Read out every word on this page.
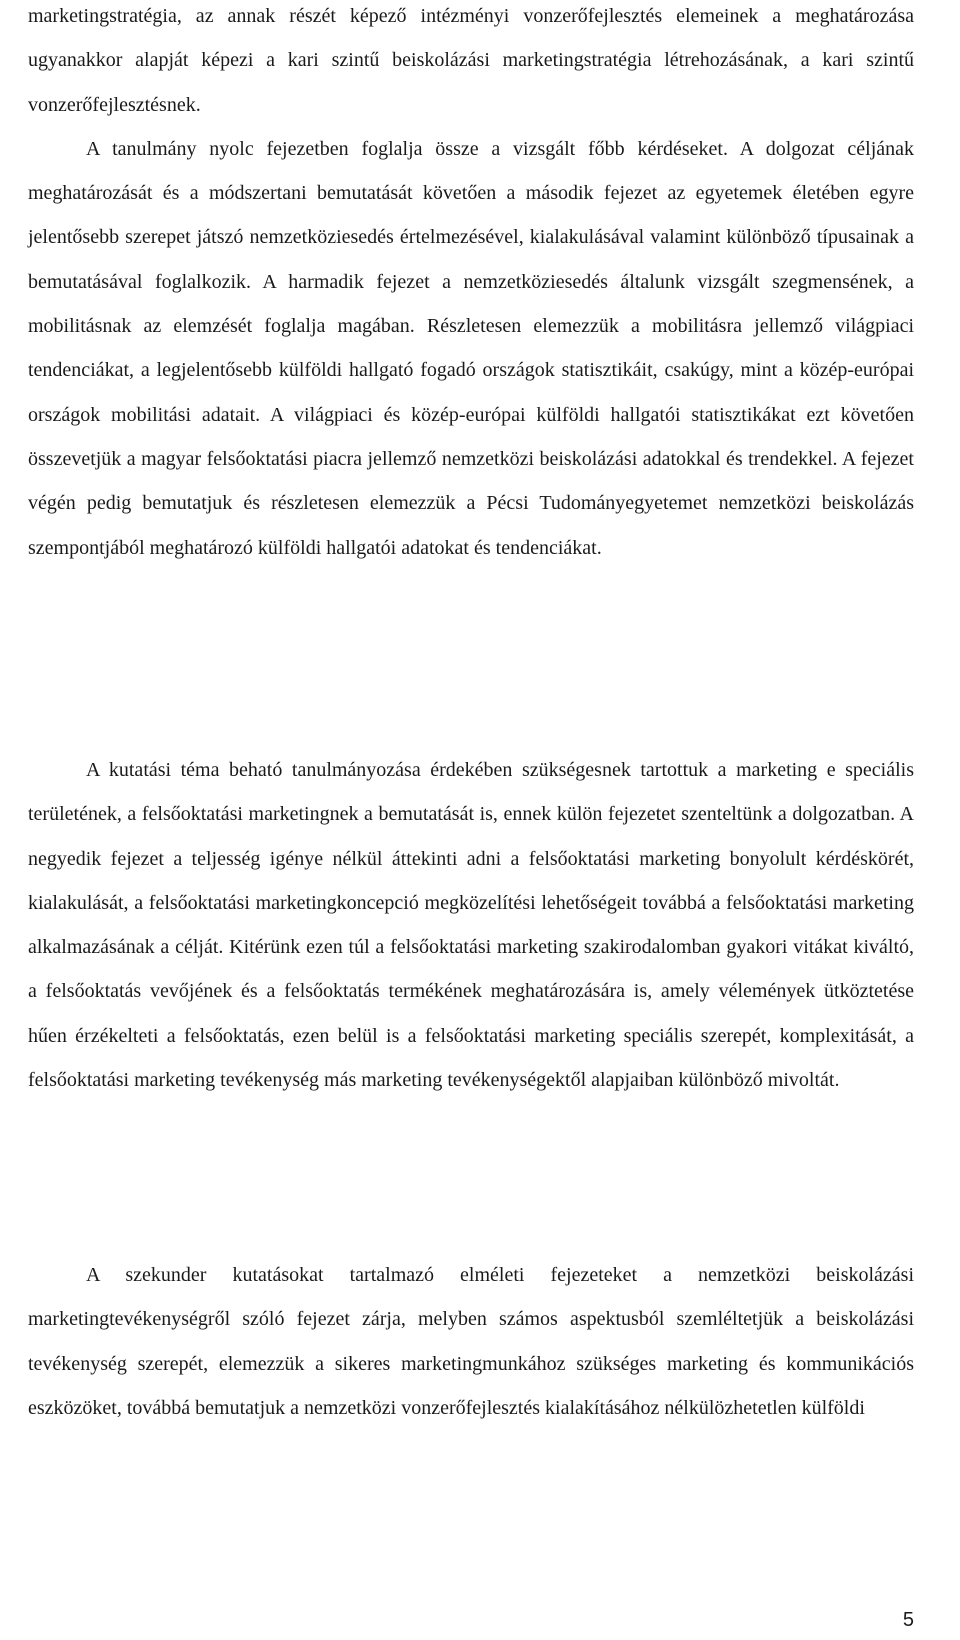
marketingstratégia, az annak részét képező intézményi vonzerőfejlesztés elemeinek a meghatározása ugyanakkor alapját képezi a kari szintű beiskolázási marketingstratégia létrehozásának, a kari szintű vonzerőfejlesztésnek.
A tanulmány nyolc fejezetben foglalja össze a vizsgált főbb kérdéseket. A dolgozat céljának meghatározását és a módszertani bemutatását követően a második fejezet az egyetemek életében egyre jelentősebb szerepet játszó nemzetköziesedés értelmezésével, kialakulásával valamint különböző típusainak a bemutatásával foglalkozik. A harmadik fejezet a nemzetköziesedés általunk vizsgált szegmensének, a mobilitásnak az elemzését foglalja magában. Részletesen elemezzük a mobilitásra jellemző világpiaci tendenciákat, a legjelentősebb külföldi hallgató fogadó országok statisztikáit, csakúgy, mint a közép-európai országok mobilitási adatait. A világpiaci és közép-európai külföldi hallgatói statisztikákat ezt követően összevetjük a magyar felsőoktatási piacra jellemző nemzetközi beiskolázási adatokkal és trendekkel. A fejezet végén pedig bemutatjuk és részletesen elemezzük a Pécsi Tudományegyetemet nemzetközi beiskolázás szempontjából meghatározó külföldi hallgatói adatokat és tendenciákat.
A kutatási téma beható tanulmányozása érdekében szükségesnek tartottuk a marketing e speciális területének, a felsőoktatási marketingnek a bemutatását is, ennek külön fejezetet szenteltünk a dolgozatban. A negyedik fejezet a teljesség igénye nélkül áttekinti adni a felsőoktatási marketing bonyolult kérdéskörét, kialakulását, a felsőoktatási marketingkoncepció megközelítési lehetőségeit továbbá a felsőoktatási marketing alkalmazásának a célját. Kitérünk ezen túl a felsőoktatási marketing szakirodalomban gyakori vitákat kiváltó, a felsőoktatás vevőjének és a felsőoktatás termékének meghatározására is, amely vélemények ütköztetése hűen érzékelteti a felsőoktatás, ezen belül is a felsőoktatási marketing speciális szerepét, komplexitását, a felsőoktatási marketing tevékenység más marketing tevékenységektől alapjaiban különböző mivoltát.
A szekunder kutatásokat tartalmazó elméleti fejezeteket a nemzetközi beiskolázási marketingtevékenységről szóló fejezet zárja, melyben számos aspektusból szemléltetjük a beiskolázási tevékenység szerepét, elemezzük a sikeres marketingmunkához szükséges marketing és kommunikációs eszközöket, továbbá bemutatjuk a nemzetközi vonzerőfejlesztés kialakításához nélkülözhetetlen külföldi

5
